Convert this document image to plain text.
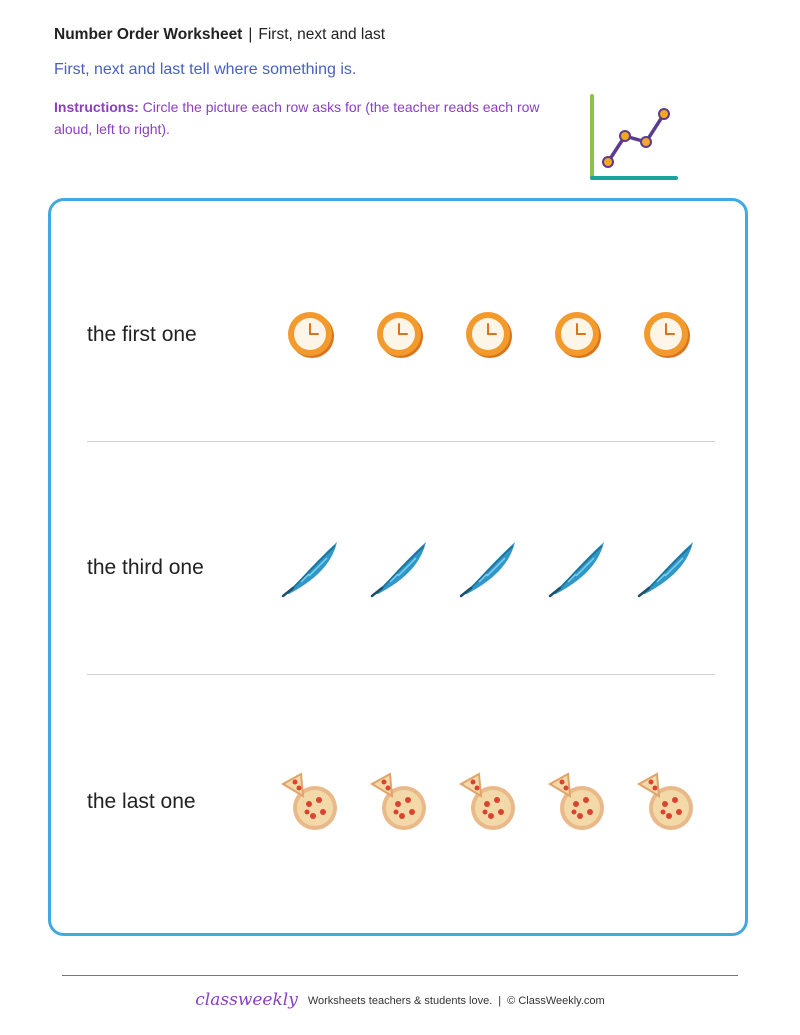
Number Order Worksheet | First, next and last
First, next and last tell where something is.
Instructions: Circle the picture each row asks for (the teacher reads each row aloud, left to right).
the first one
the third one
the last one
classweekly Worksheets teachers & students love. | © ClassWeekly.com
